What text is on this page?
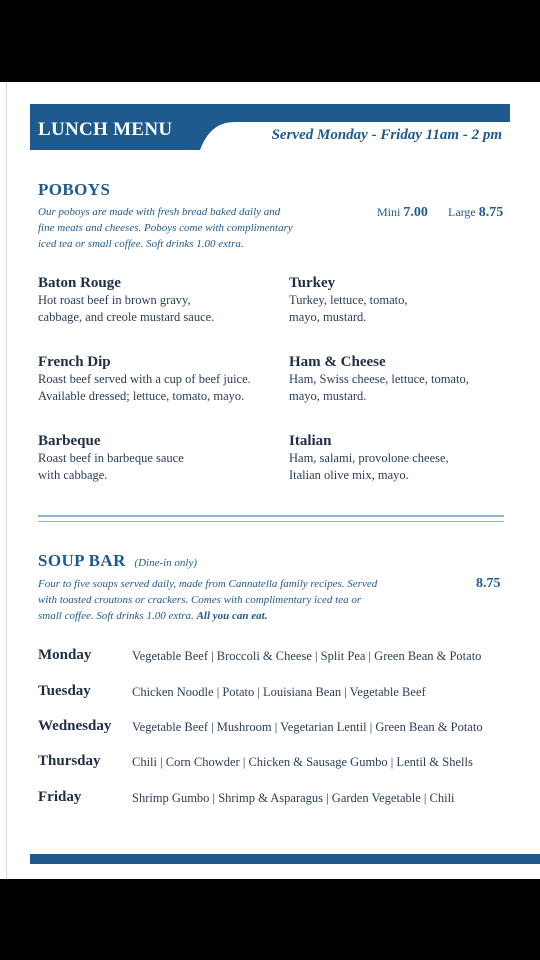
LUNCH MENU	Served Monday - Friday 11am - 2 pm
POBOYS
Our poboys are made with fresh bread baked daily and
fine meats and cheeses. Poboys come with complimentary
iced tea or small coffee. Soft drinks 1.00 extra.
Mini 7.00 Large 8.75
Baton Rouge
Hot roast beef in brown gravy,
cabbage, and creole mustard sauce.
Turkey
Turkey, lettuce, tomato,
mayo, mustard.
French Dip
Roast beef served with a cup of beef juice.
Available dressed; lettuce, tomato, mayo.
Ham & Cheese
Ham, Swiss cheese, lettuce, tomato,
mayo, mustard.
Barbeque
Roast beef in barbeque sauce
with cabbage.
Italian
Ham, salami, provolone cheese,
Italian olive mix, mayo.
SOUP BAR (Dine-in only)
Four to five soups served daily, made from Cannatella family recipes. Served
with toasted croutons or crackers. Comes with complimentary iced tea or
small coffee. Soft drinks 1.00 extra. All you can eat.
8.75
Monday	Vegetable Beef | Broccoli & Cheese | Split Pea | Green Bean & Potato
Tuesday	Chicken Noodle | Potato | Louisiana Bean | Vegetable Beef
Wednesday Vegetable Beef | Mushroom | Vegetarian Lentil | Green Bean & Potato
Thursday	Chili | Corn Chowder | Chicken & Sausage Gumbo | Lentil & Shells
Friday	Shrimp Gumbo | Shrimp & Asparagus | Garden Vegetable | Chili
